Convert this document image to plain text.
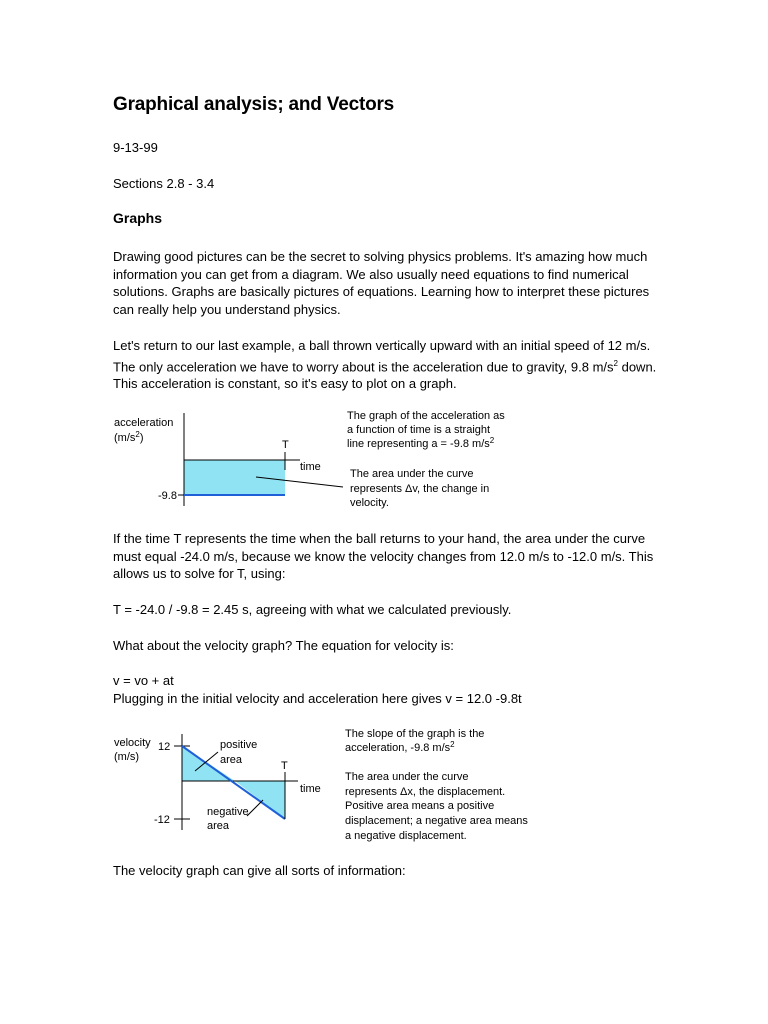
Graphical analysis; and Vectors
9-13-99
Sections 2.8 - 3.4
Graphs

Drawing good pictures can be the secret to solving physics problems. It's amazing how much information you can get from a diagram. We also usually need equations to find numerical solutions. Graphs are basically pictures of equations. Learning how to interpret these pictures can really help you understand physics.

Let's return to our last example, a ball thrown vertically upward with an initial speed of 12 m/s. The only acceleration we have to worry about is the acceleration due to gravity, 9.8 $m/s^2$ down. This acceleration is constant, so it's easy to plot on a graph.

acceleration
$(m/s^2)$
-9.8
T
time
The graph of the acceleration as
a function of time is a straight
line representing a = -9.8 $m/s^2$
The area under the curve
represents Δv, the change in
velocity.

If the time T represents the time when the ball returns to your hand, the area under the curve must equal -24.0 m/s, because we know the velocity changes from 12.0 m/s to -12.0 m/s. This allows us to solve for T, using:

T = -24.0 / -9.8 = 2.45 s, agreeing with what we calculated previously.

What about the velocity graph? The equation for velocity is:

v = vo + at
Plugging in the initial velocity and acceleration here gives v = 12.0 -9.8t

velocity
(m/s)
12
-12
positive
area
negative
area
T
time
The slope of the graph is the
acceleration, -9.8 $m/s^2$
The area under the curve
represents Δx, the displacement.
Positive area means a positive
displacement; a negative area means
a negative displacement.

The velocity graph can give all sorts of information:
